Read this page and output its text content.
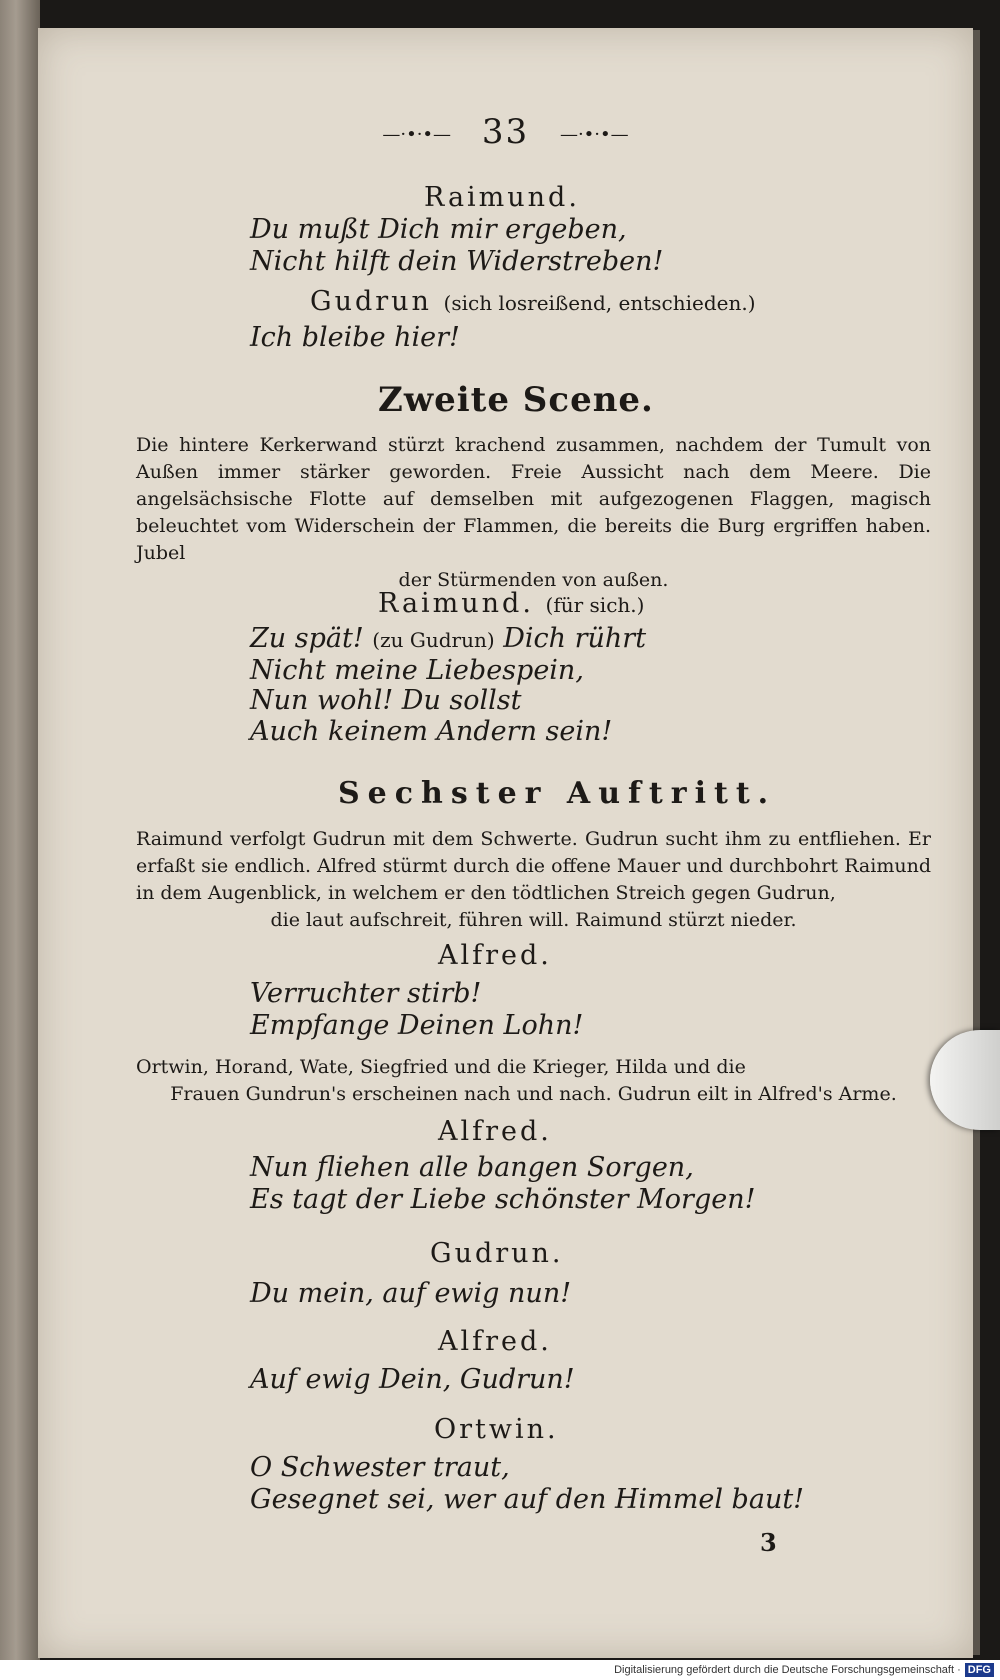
—·•·•— 33 —·•·•—
Raimund.
Du mußt Dich mir ergeben,
Nicht hilft dein Widerstreben!
Gudrun (sich losreißend, entschieden.)
Ich bleibe hier!
Zweite Scene.
Die hintere Kerkerwand stürzt krachend zusammen, nachdem der Tumult von Außen immer stärker geworden. Freie Aussicht nach dem Meere. Die angelsächsische Flotte auf demselben mit aufgezogenen Flaggen, magisch beleuchtet vom Widerschein der Flammen, die bereits die Burg ergriffen haben. Jubel
der Stürmenden von außen.
Raimund. (für sich.)
Zu spät! (zu Gudrun) Dich rührt
Nicht meine Liebespein,
Nun wohl! Du sollst
Auch keinem Andern sein!
Sechster Auftritt.
Raimund verfolgt Gudrun mit dem Schwerte. Gudrun sucht ihm zu entfliehen. Er erfaßt sie endlich. Alfred stürmt durch die offene Mauer und durchbohrt Raimund in dem Augenblick, in welchem er den tödtlichen Streich gegen Gudrun,
die laut aufschreit, führen will. Raimund stürzt nieder.
Alfred.
Verruchter stirb!
Empfange Deinen Lohn!
Ortwin, Horand, Wate, Siegfried und die Krieger, Hilda und die
Frauen Gundrun's erscheinen nach und nach. Gudrun eilt in Alfred's Arme.
Alfred.
Nun fliehen alle bangen Sorgen,
Es tagt der Liebe schönster Morgen!
Gudrun.
Du mein, auf ewig nun!
Alfred.
Auf ewig Dein, Gudrun!
Ortwin.
O Schwester traut,
Gesegnet sei, wer auf den Himmel baut!
3
Digitalisierung gefördert durch die Deutsche Forschungsgemeinschaft · DFG
